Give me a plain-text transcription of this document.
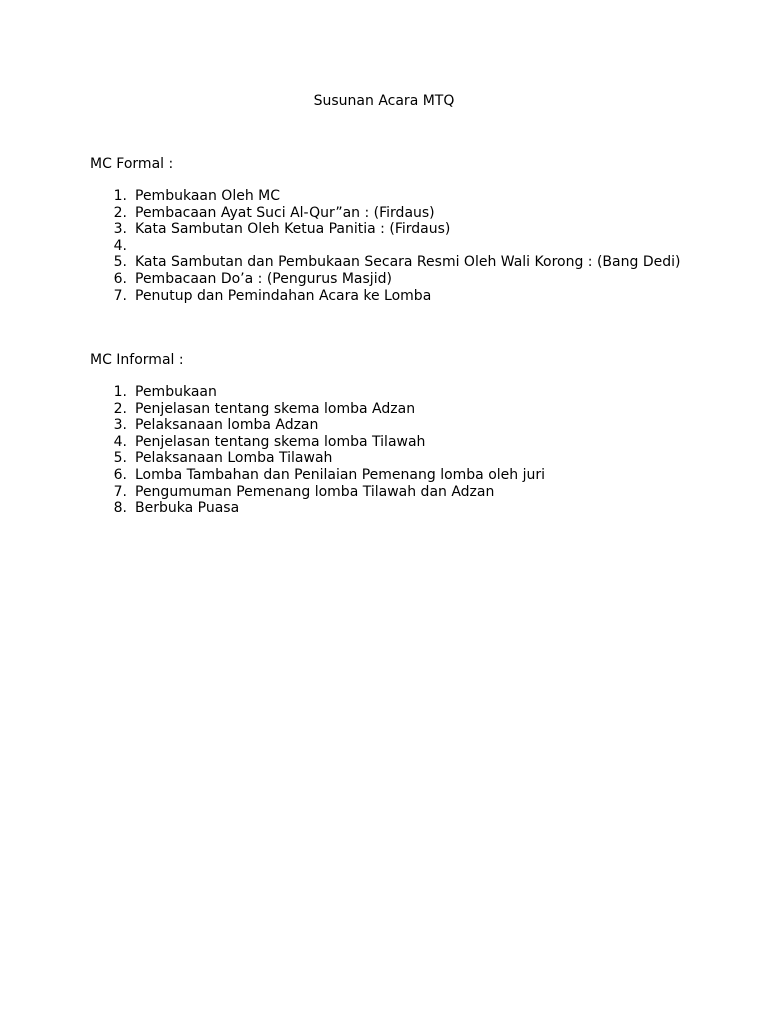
Susunan Acara MTQ
MC Formal :
1. Pembukaan Oleh MC
2. Pembacaan Ayat Suci Al-Qur”an : (Firdaus)
3. Kata Sambutan Oleh Ketua Panitia : (Firdaus)
4.
5. Kata Sambutan dan Pembukaan Secara Resmi Oleh Wali Korong : (Bang Dedi)
6. Pembacaan Do’a : (Pengurus Masjid)
7. Penutup dan Pemindahan Acara ke Lomba
MC Informal :
1. Pembukaan
2. Penjelasan tentang skema lomba Adzan
3. Pelaksanaan lomba Adzan
4. Penjelasan tentang skema lomba Tilawah
5. Pelaksanaan Lomba Tilawah
6. Lomba Tambahan dan Penilaian Pemenang lomba oleh juri
7. Pengumuman Pemenang lomba Tilawah dan Adzan
8. Berbuka Puasa
